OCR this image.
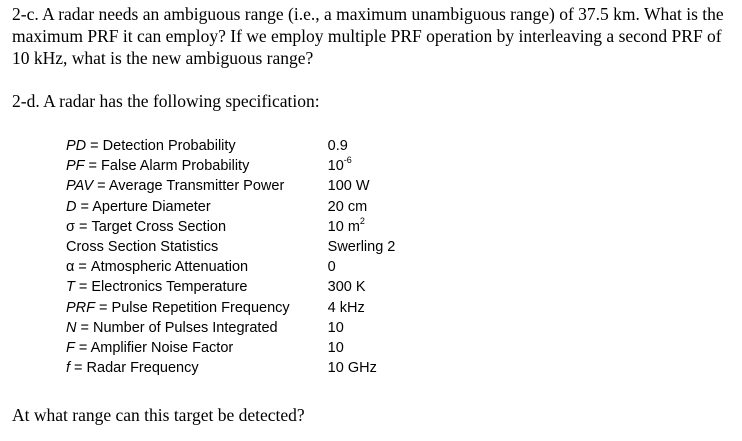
2-c. A radar needs an ambiguous range (i.e., a maximum unambiguous range) of 37.5 km. What is the maximum PRF it can employ? If we employ multiple PRF operation by interleaving a second PRF of 10 kHz, what is the new ambiguous range?
2-d. A radar has the following specification:
PD = Detection Probability	0.9
PF = False Alarm Probability	$10^{-6}$
PAV = Average Transmitter Power	100 W
D = Aperture Diameter	20 cm
σ = Target Cross Section	10 $m^2$
Cross Section Statistics	Swerling 2
α = Atmospheric Attenuation	0
T = Electronics Temperature	300 K
PRF = Pulse Repetition Frequency	4 kHz
N = Number of Pulses Integrated	10
F = Amplifier Noise Factor	10
f = Radar Frequency	10 GHz
At what range can this target be detected?
